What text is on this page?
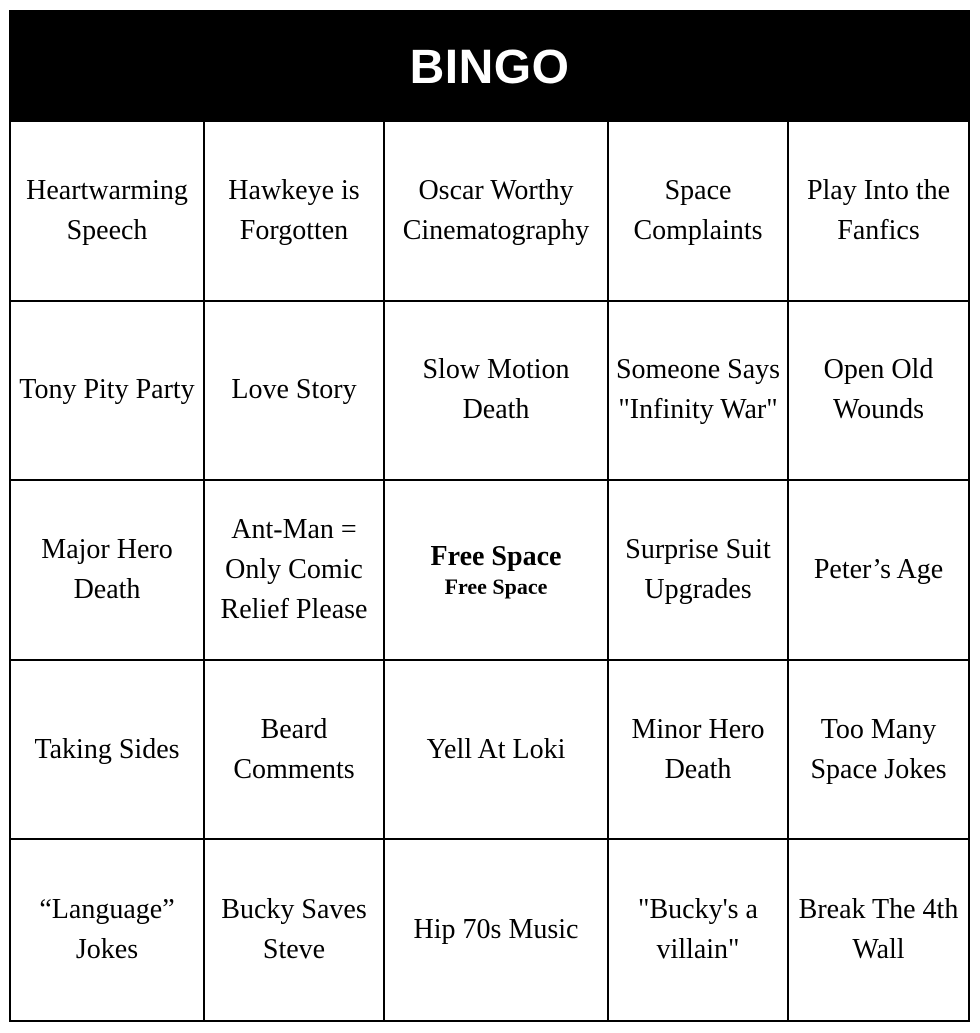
BINGO
Heartwarming Speech
Hawkeye is Forgotten
Oscar Worthy Cinematography
Space Complaints
Play Into the Fanfics
Tony Pity Party	Love Story
Slow Motion Death
Someone Says "Infinity War"
Open Old Wounds
Major Hero Death
Ant-Man = Only Comic Relief Please
Free Space
Free Space
Surprise Suit Upgrades
Peter’s Age
Taking Sides
Beard Comments
Yell At Loki
Minor Hero Death
Too Many Space Jokes
“Language” Jokes
Bucky Saves Steve
Hip 70s Music
"Bucky's a villain"
Break The 4th Wall
